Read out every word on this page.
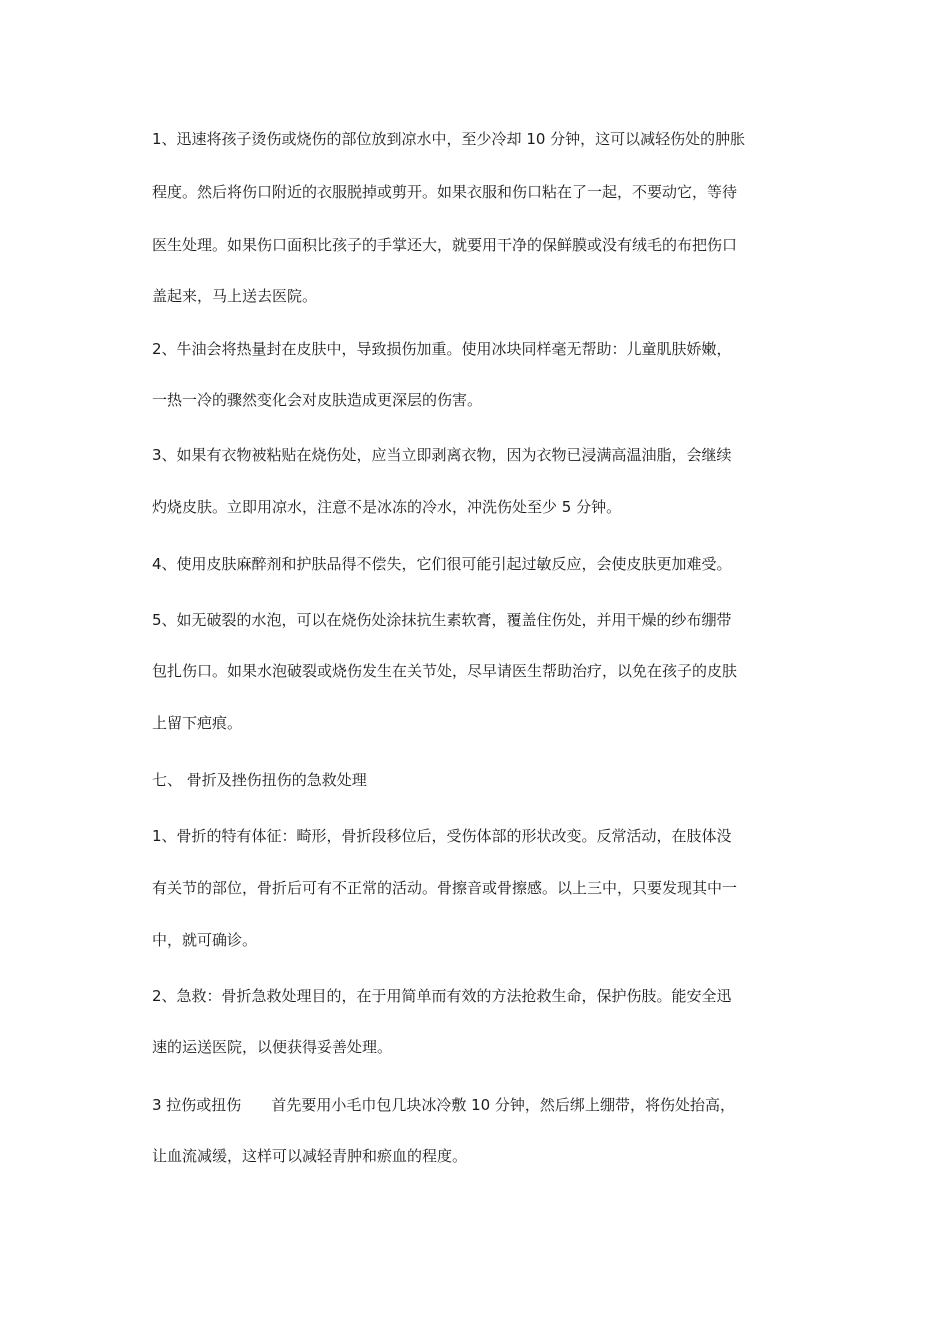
1、迅速将孩子烫伤或烧伤的部位放到凉水中，至少冷却 10 分钟，这可以减轻伤处的肿胀
程度。然后将伤口附近的衣服脱掉或剪开。如果衣服和伤口粘在了一起，不要动它，等待
医生处理。如果伤口面积比孩子的手掌还大，就要用干净的保鲜膜或没有绒毛的布把伤口
盖起来，马上送去医院。
2、牛油会将热量封在皮肤中，导致损伤加重。使用冰块同样毫无帮助：儿童肌肤娇嫩，
一热一冷的骤然变化会对皮肤造成更深层的伤害。
3、如果有衣物被粘贴在烧伤处，应当立即剥离衣物，因为衣物已浸满高温油脂，会继续
灼烧皮肤。立即用凉水，注意不是冰冻的冷水，冲洗伤处至少 5 分钟。
4、使用皮肤麻醉剂和护肤品得不偿失，它们很可能引起过敏反应，会使皮肤更加难受。
5、如无破裂的水泡，可以在烧伤处涂抹抗生素软膏，覆盖住伤处，并用干燥的纱布绷带
包扎伤口。如果水泡破裂或烧伤发生在关节处，尽早请医生帮助治疗，以免在孩子的皮肤
上留下疤痕。
七、 骨折及挫伤扭伤的急救处理
1、骨折的特有体征：畸形，骨折段移位后，受伤体部的形状改变。反常活动，在肢体没
有关节的部位，骨折后可有不正常的活动。骨擦音或骨擦感。以上三中，只要发现其中一
中，就可确诊。
2、急救：骨折急救处理目的，在于用简单而有效的方法抢救生命，保护伤肢。能安全迅
速的运送医院，以便获得妥善处理。
3 拉伤或扭伤 首先要用小毛巾包几块冰冷敷 10 分钟，然后绑上绷带，将伤处抬高，
让血流减缓，这样可以减轻青肿和瘀血的程度。
